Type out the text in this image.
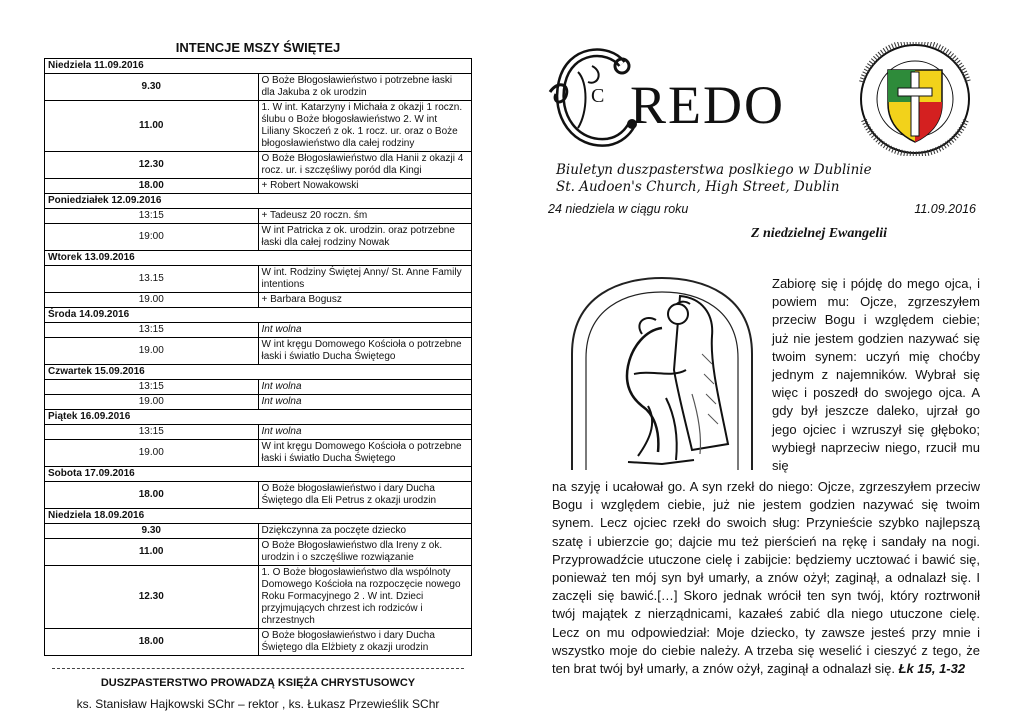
INTENCJE MSZY ŚWIĘTEJ
Niedziela 11.09.2016	
9.30	O Boże Błogosławieństwo i potrzebne łaski dla Jakuba z ok urodzin
11.00	1. W int. Katarzyny i Michała z okazji 1 roczn. ślubu o Boże błogosławieństwo 2. W int Liliany Skoczeń z ok. 1 rocz. ur. oraz o Boże błogosławieństwo dla całej rodziny
12.30	O Boże Błogosławieństwo dla Hanii z okazji 4 rocz. ur. i szczęśliwy poród dla Kingi
18.00	+ Robert Nowakowski
Poniedziałek 12.09.2016	
13:15	+ Tadeusz 20 roczn. śm
19:00	W int Patricka z ok. urodzin. oraz potrzebne łaski dla całej rodziny Nowak
Wtorek 13.09.2016	
13.15	W int. Rodziny Świętej Anny/ St. Anne Family intentions
19.00	+ Barbara Bogusz
Środa 14.09.2016	
13:15	Int wolna
19.00	W int kręgu Domowego Kościoła o potrzebne łaski i światło Ducha Świętego
Czwartek 15.09.2016	
13:15	Int wolna
19.00	Int wolna
Piątek 16.09.2016	
13:15	Int wolna
19.00	W int kręgu Domowego Kościoła o potrzebne łaski i światło Ducha Świętego
Sobota 17.09.2016	
18.00	O Boże błogosławieństwo i dary Ducha Świętego dla Eli Petrus z okazji urodzin
Niedziela 18.09.2016	
9.30	Dziękczynna za poczęte dziecko
11.00	O Boże Błogosławieństwo dla Ireny z ok. urodzin i o szczęśliwe rozwiązanie
12.30	1. O Boże błogosławieństwo dla wspólnoty Domowego Kościoła na rozpoczęcie nowego Roku Formacyjnego 2 . W int. Dzieci przyjmujących chrzest ich rodziców i chrzestnych
18.00	O Boże błogosławieństwo i dary Ducha Świętego dla Elżbiety z okazji urodzin
DUSZPASTERSTWO PROWADZĄ KSIĘŻA CHRYSTUSOWCY
ks. Stanisław Hajkowski SChr – rektor , ks. Łukasz Przewieślik SChr
C REDO
Biuletyn duszpasterstwa poslkiego w Dublinie
St. Audoen's Church, High Street, Dublin
24 niedziela w ciągu roku	11.09.2016
Z niedzielnej Ewangelii
Zabiorę się i pójdę do mego ojca, i powiem mu: Ojcze, zgrzeszyłem przeciw Bogu i względem ciebie; już nie jestem godzien nazywać się twoim synem: uczyń mię choćby jednym z najemników. Wybrał się więc i poszedł do swojego ojca. A gdy był jeszcze daleko, ujrzał go jego ojciec i wzruszył się głęboko; wybiegł naprzeciw niego, rzucił mu się
na szyję i ucałował go. A syn rzekł do niego: Ojcze, zgrzeszyłem przeciw Bogu i względem ciebie, już nie jestem godzien nazywać się twoim synem. Lecz ojciec rzekł do swoich sług: Przynieście szybko najlepszą szatę i ubierzcie go; dajcie mu też pierścień na rękę i sandały na nogi. Przyprowadźcie utuczone cielę i zabijcie: będziemy ucztować i bawić się, ponieważ ten mój syn był umarły, a znów ożył; zaginął, a odnalazł się. I zaczęli się bawić.[…] Skoro jednak wrócił ten syn twój, który roztrwonił twój majątek z nierządnicami, kazałeś zabić dla niego utuczone cielę. Lecz on mu odpowiedział: Moje dziecko, ty zawsze jesteś przy mnie i wszystko moje do ciebie należy. A trzeba się weselić i cieszyć z tego, że ten brat twój był umarły, a znów ożył, zaginął a odnalazł się. Łk 15, 1-32
